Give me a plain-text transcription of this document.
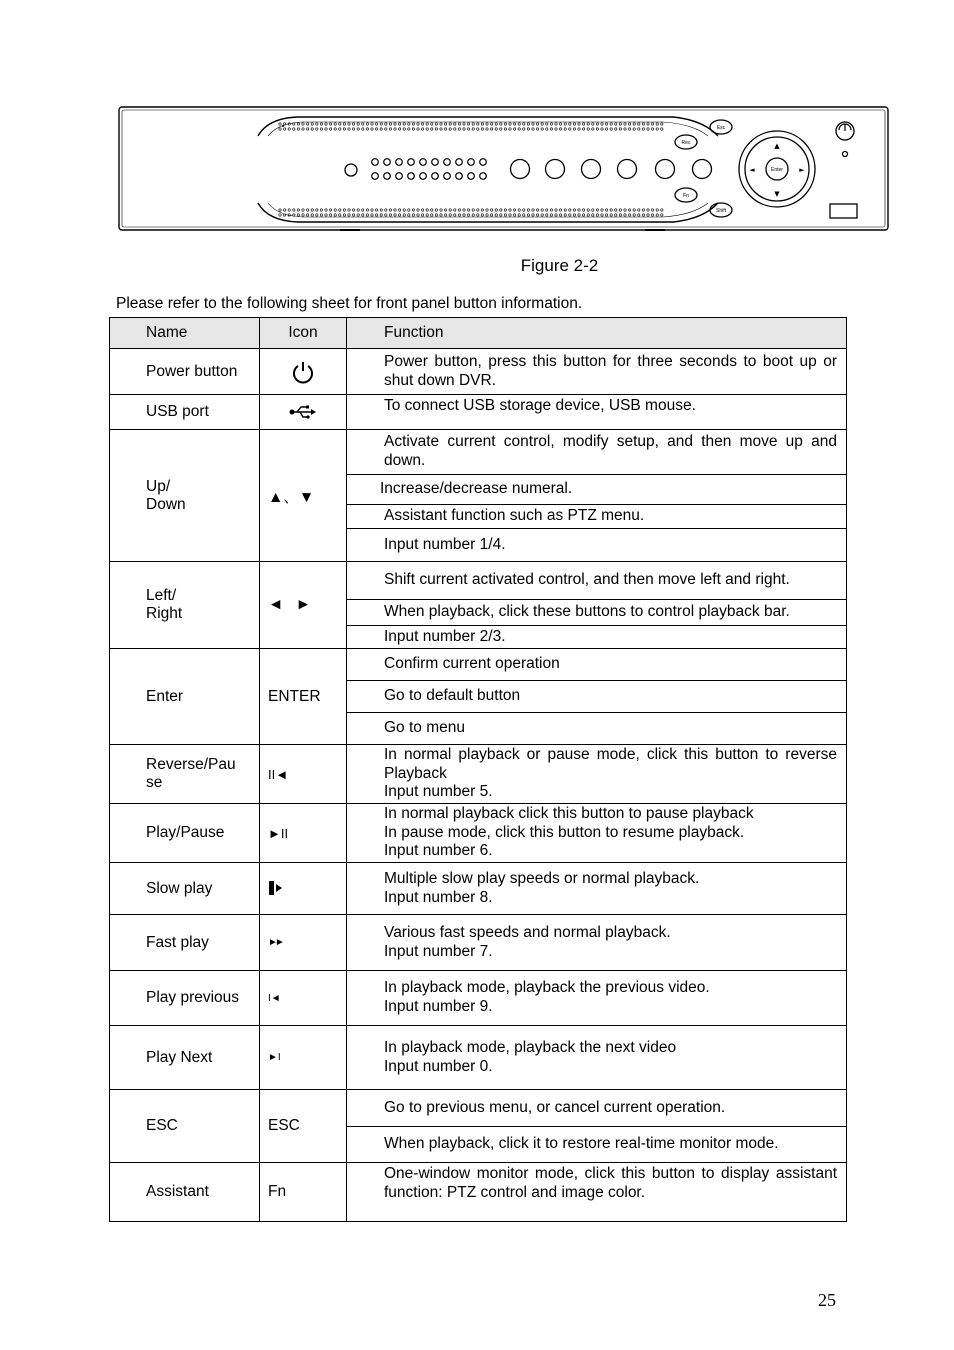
Rec
Esc
Fn
Shift
Enter
▲
▼
◄	►
Figure 2-2
Please refer to the following sheet for front panel button information.
Name	Icon	Function
Power button		Power button, press this button for three seconds to boot up or shut down DVR.
USB port		To connect USB storage device, USB mouse.

Up/
Down	▲、▼	Activate current control, modify setup, and then move up and down.
		Increase/decrease numeral.
		Assistant function such as PTZ menu.
		Input number 1/4.

Left/
Right	◄ ►	Shift current activated control, and then move left and right.
		When playback, click these buttons to control playback bar.
		Input number 2/3.
Enter	ENTER	Confirm current operation
		Go to default button
		Go to menu

Reverse/Pau
se	II◄	In normal playback or pause mode, click this button to reverse Playback
Input number 5.

Play/Pause	►II	In normal playback click this button to pause playback
In pause mode, click this button to resume playback.
Input number 6.

Slow play		Multiple slow play speeds or normal playback.
Input number 8.

Fast play	►►	Various fast speeds and normal playback.
Input number 7.

Play previous	I◄	In playback mode, playback the previous video.
Input number 9.

Play Next	►I	In playback mode, playback the next video
Input number 0.

ESC	ESC	Go to previous menu, or cancel current operation.
		When playback, click it to restore real-time monitor mode.
Assistant	Fn	One-window monitor mode, click this button to display assistant function: PTZ control and image color.
25
